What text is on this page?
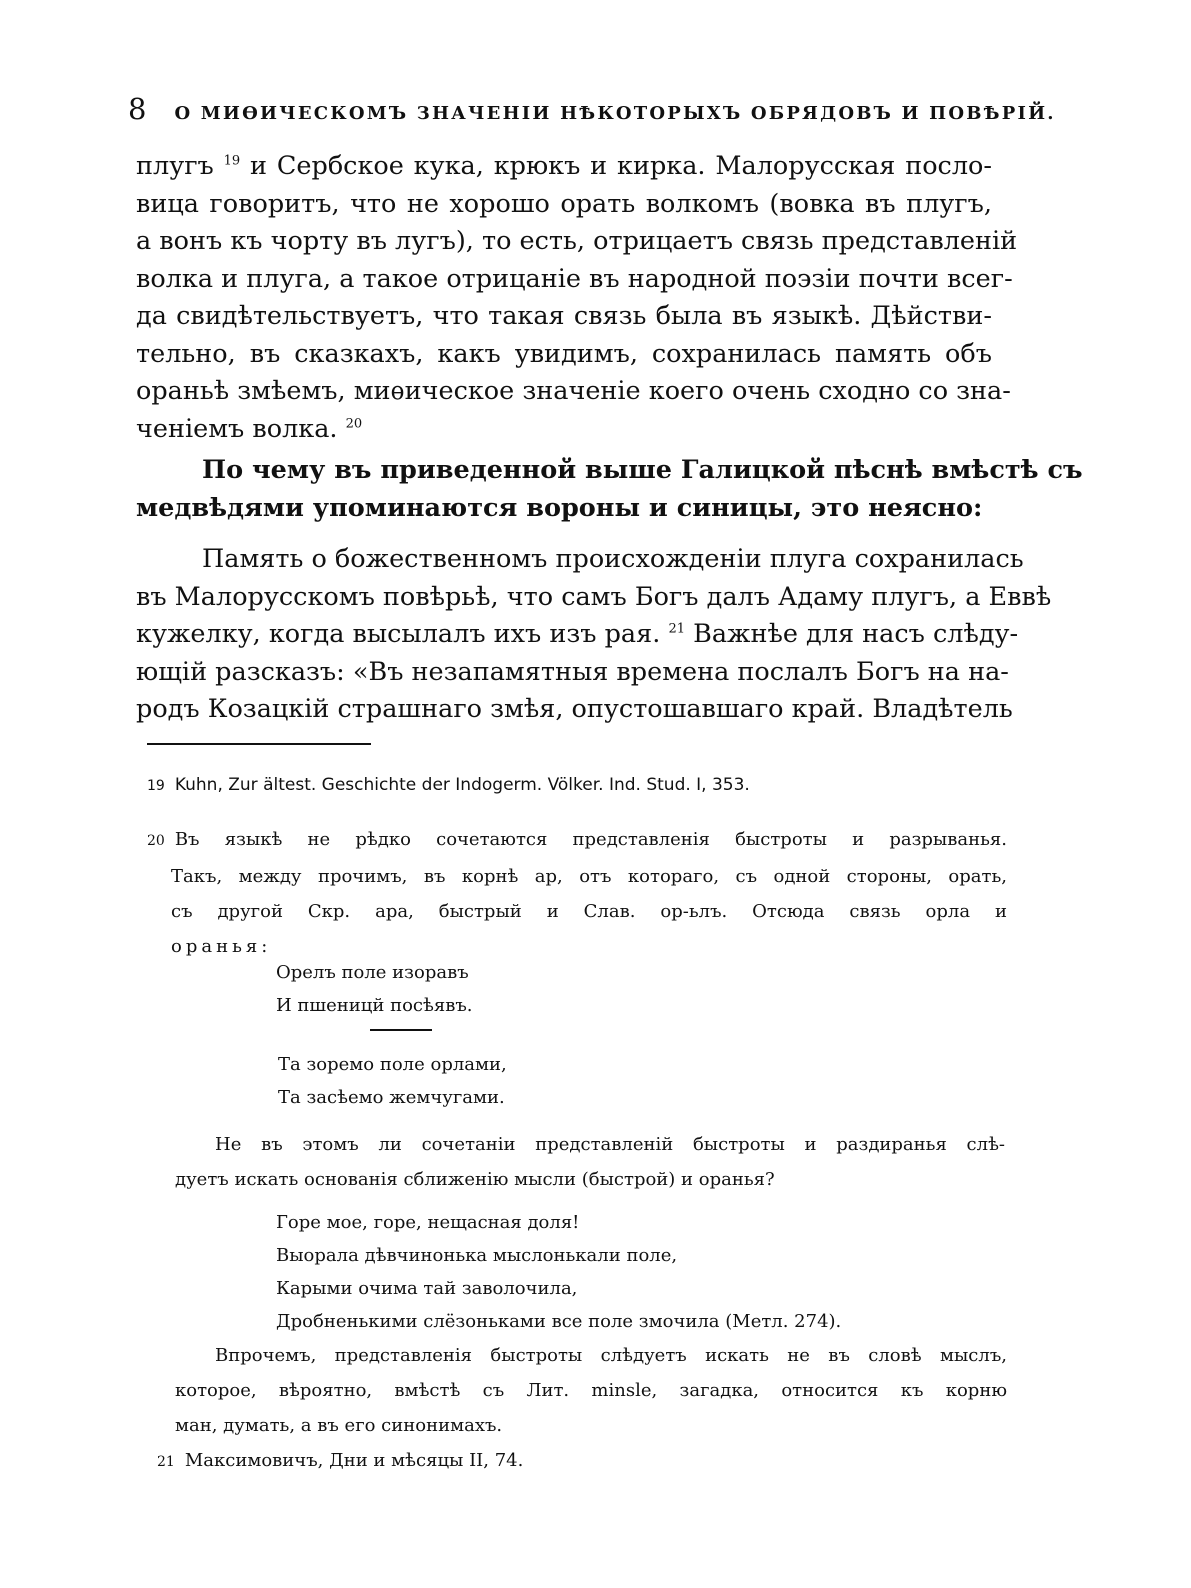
8 О МИѲИЧЕСКОМЪ ЗНАЧЕНІИ НѢКОТОРЫХЪ ОБРЯДОВЪ И ПОВѢРІЙ.
плугъ $^{19}$ и Сербское кука, крюкъ и кирка. Малорусская посло-
вица говоритъ, что не хорошо орать волкомъ (вовка въ плугъ,
а вонъ къ чорту въ лугъ), то есть, отрицаетъ связь представленій
волка и плуга, а такое отрицаніе въ народной поэзіи почти всег-
да свидѣтельствуетъ, что такая связь была въ языкѣ. Дѣйстви-
тельно, въ сказкахъ, какъ увидимъ, сохранилась память объ
ораньѣ змѣемъ, миѳическое значеніе коего очень сходно со зна-
ченіемъ волка. $^{20}$
По чему въ приведенной выше Галицкой пѣснѣ вмѣстѣ съ
медвѣдями упоминаются вороны и синицы, это неясно:
Память о божественномъ происхожденіи плуга сохранилась
въ Малорусскомъ повѣрьѣ, что самъ Богъ далъ Адаму плугъ, а Еввѣ
кужелку, когда высылалъ ихъ изъ рая. $^{21}$ Важнѣе для насъ слѣду-
ющій разсказъ: «Въ незапамятныя времена послалъ Богъ на на-
родъ Козацкій страшнаго змѣя, опустошавшаго край. Владѣтель
19 Kuhn, Zur ältest. Geschichte der Indogerm. Völker. Ind. Stud. I, 353.
20 Въ языкѣ не рѣдко сочетаются представленія быстроты и разрыванья.
Такъ, между прочимъ, въ корнѣ ар, отъ котораго, съ одной стороны, орать,
съ другой Скр. ара, быстрый и Слав. ор-ьлъ. Отсюда связь орла и
оранья:
Орелъ поле изоравъ
И пшеницй посѣявъ.
Та зоремо поле орлами,
Та засѣемо жемчугами.
Не въ этомъ ли сочетаніи представленій быстроты и раздиранья слѣ-
дуетъ искать основанія сближенію мысли (быстрой) и оранья?
Горе мое, горе, нещасная доля!
Выорала дѣвчинонька мыслонькали поле,
Карыми очима тай заволочила,
Дробненькими слёзоньками все поле змочила (Метл. 274).
Впрочемъ, представленія быстроты слѣдуетъ искать не въ словѣ мыслъ,
которое, вѣроятно, вмѣстѣ съ Лит. minsle, загадка, относится къ корню
ман, думать, а въ его синонимахъ.
21 Максимовичъ, Дни и мѣсяцы II, 74.
